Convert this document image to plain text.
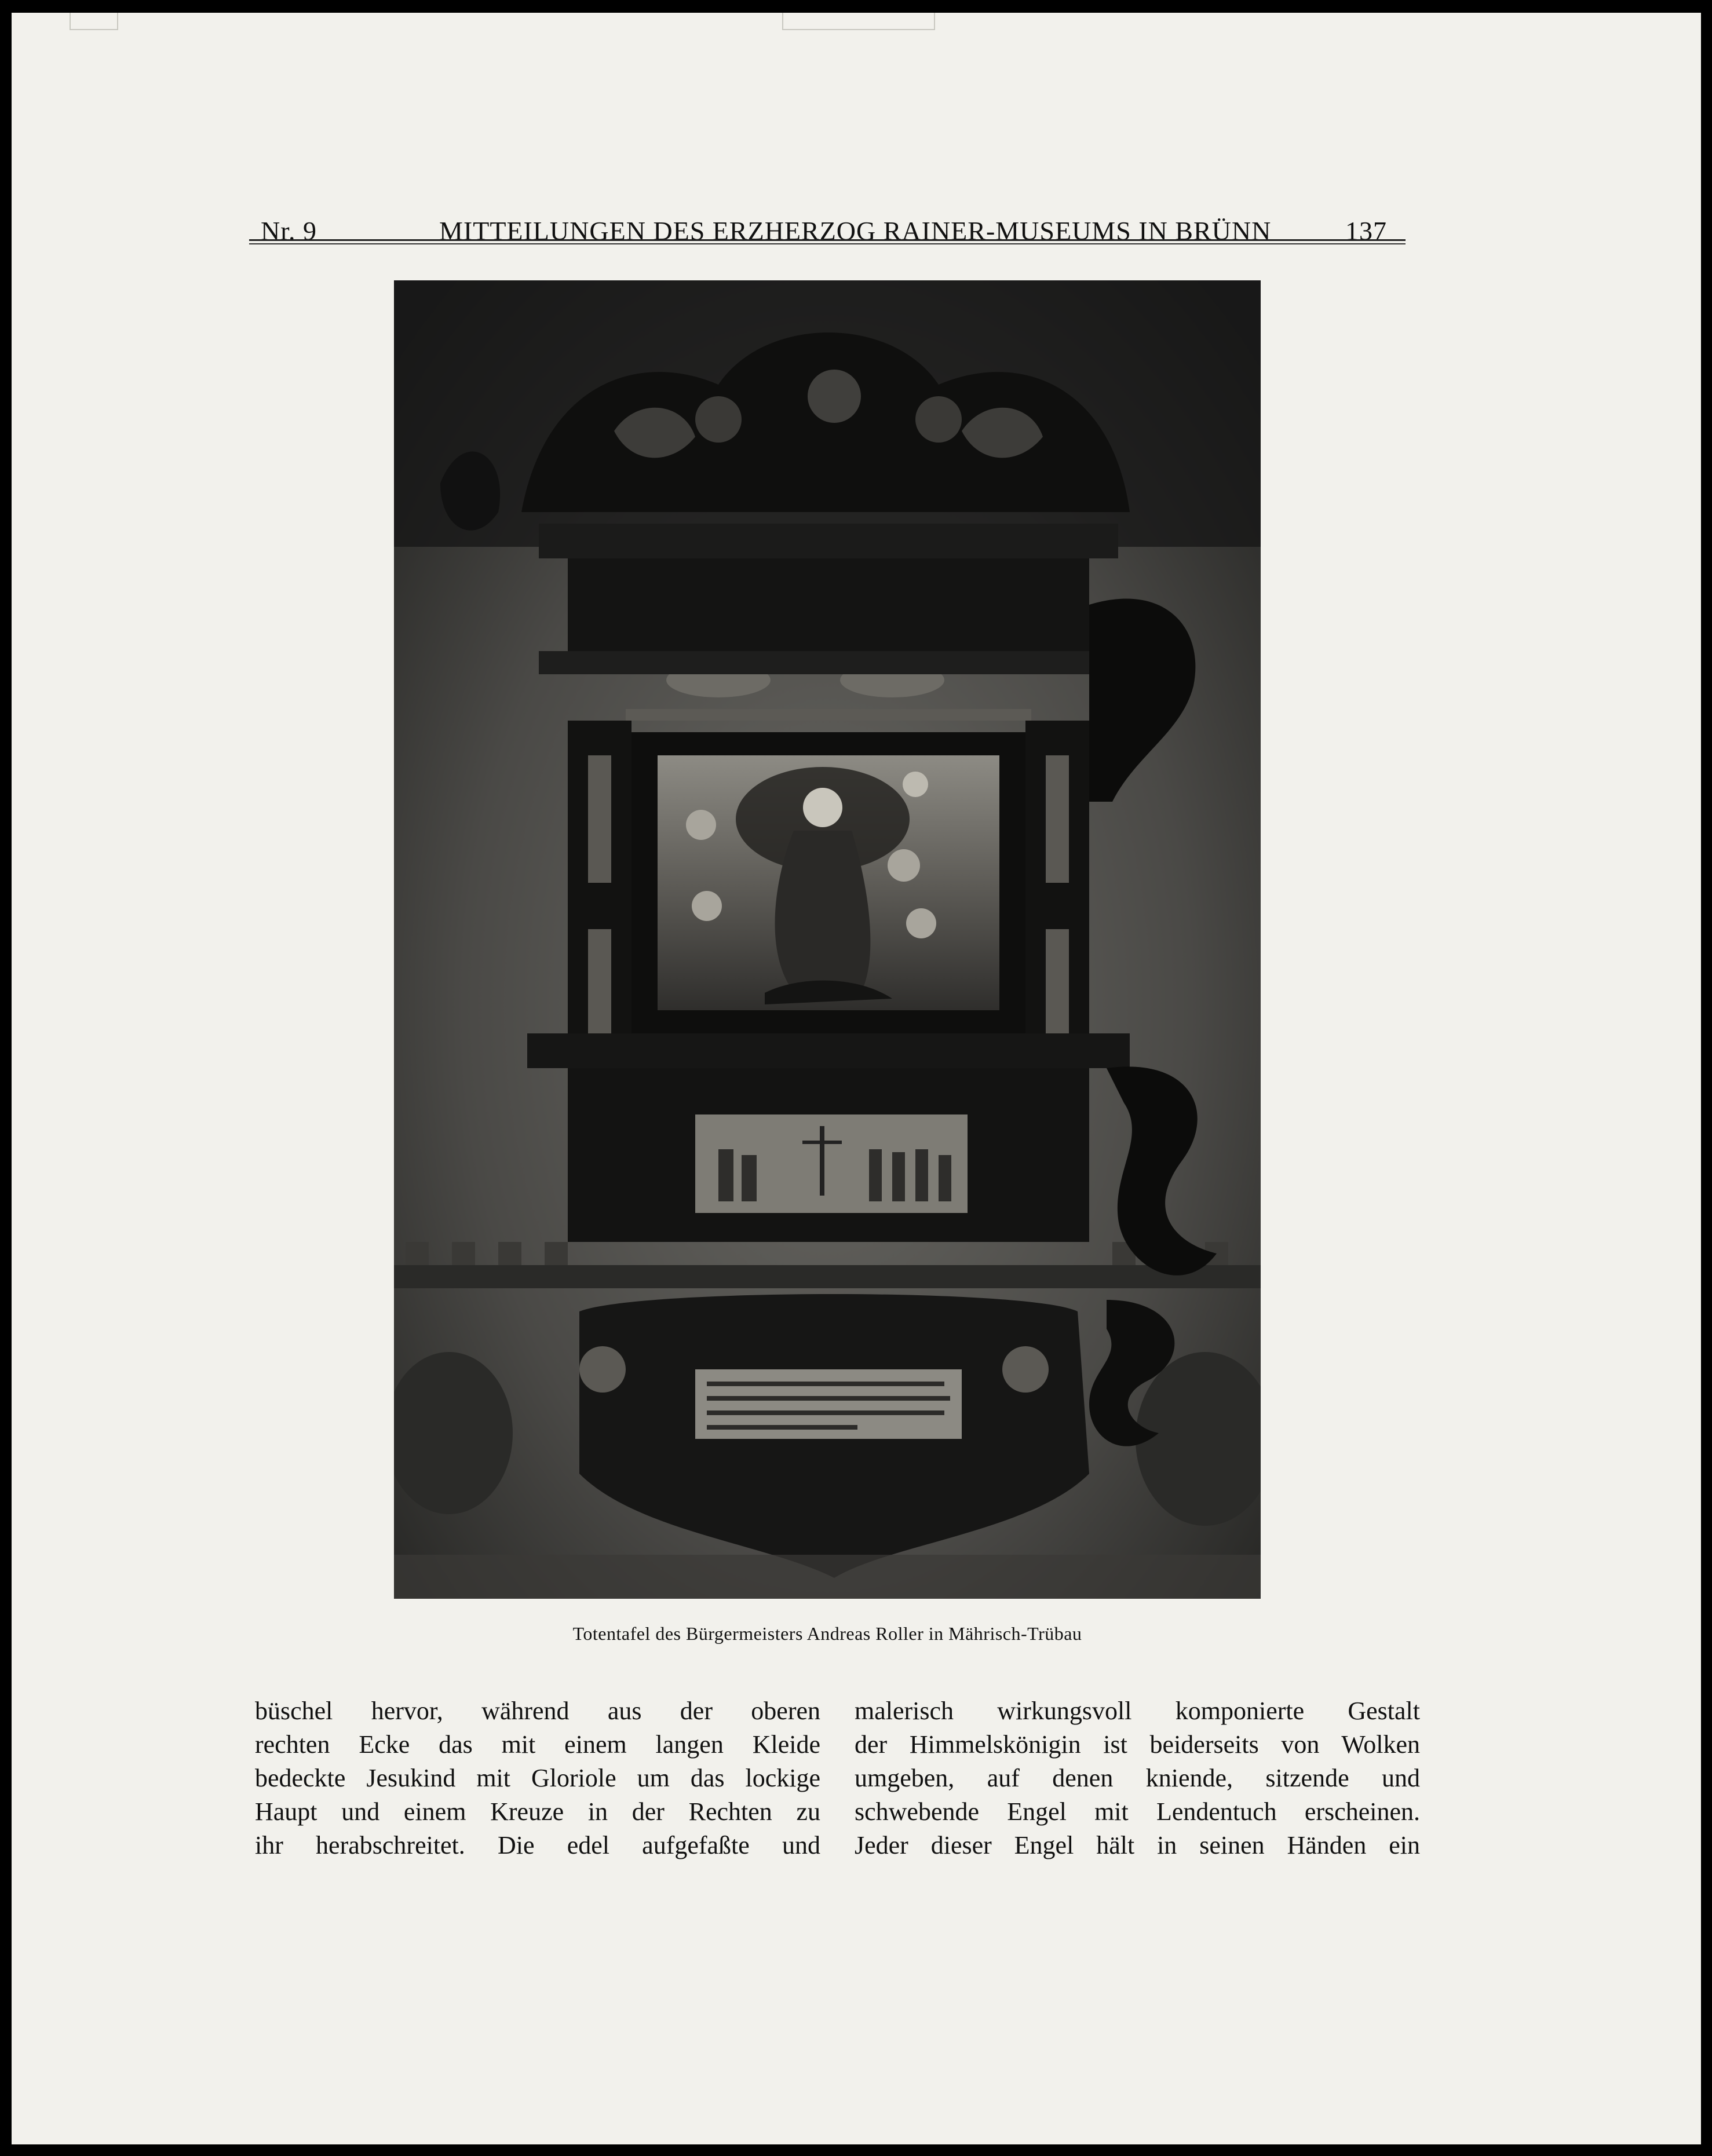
Nr. 9	MITTEILUNGEN DES ERZHERZOG RAINER-MUSEUMS IN BRÜNN	137
Totentafel des Bürgermeisters Andreas Roller in Mährisch-Trübau
büschel hervor, während aus der oberen
rechten Ecke das mit einem langen Kleide
bedeckte Jesukind mit Gloriole um das lockige
Haupt und einem Kreuze in der Rechten zu
ihr herabschreitet. Die edel aufgefaßte und
malerisch wirkungsvoll komponierte Gestalt
der Himmelskönigin ist beiderseits von Wolken
umgeben, auf denen kniende, sitzende und
schwebende Engel mit Lendentuch erscheinen.
Jeder dieser Engel hält in seinen Händen ein
